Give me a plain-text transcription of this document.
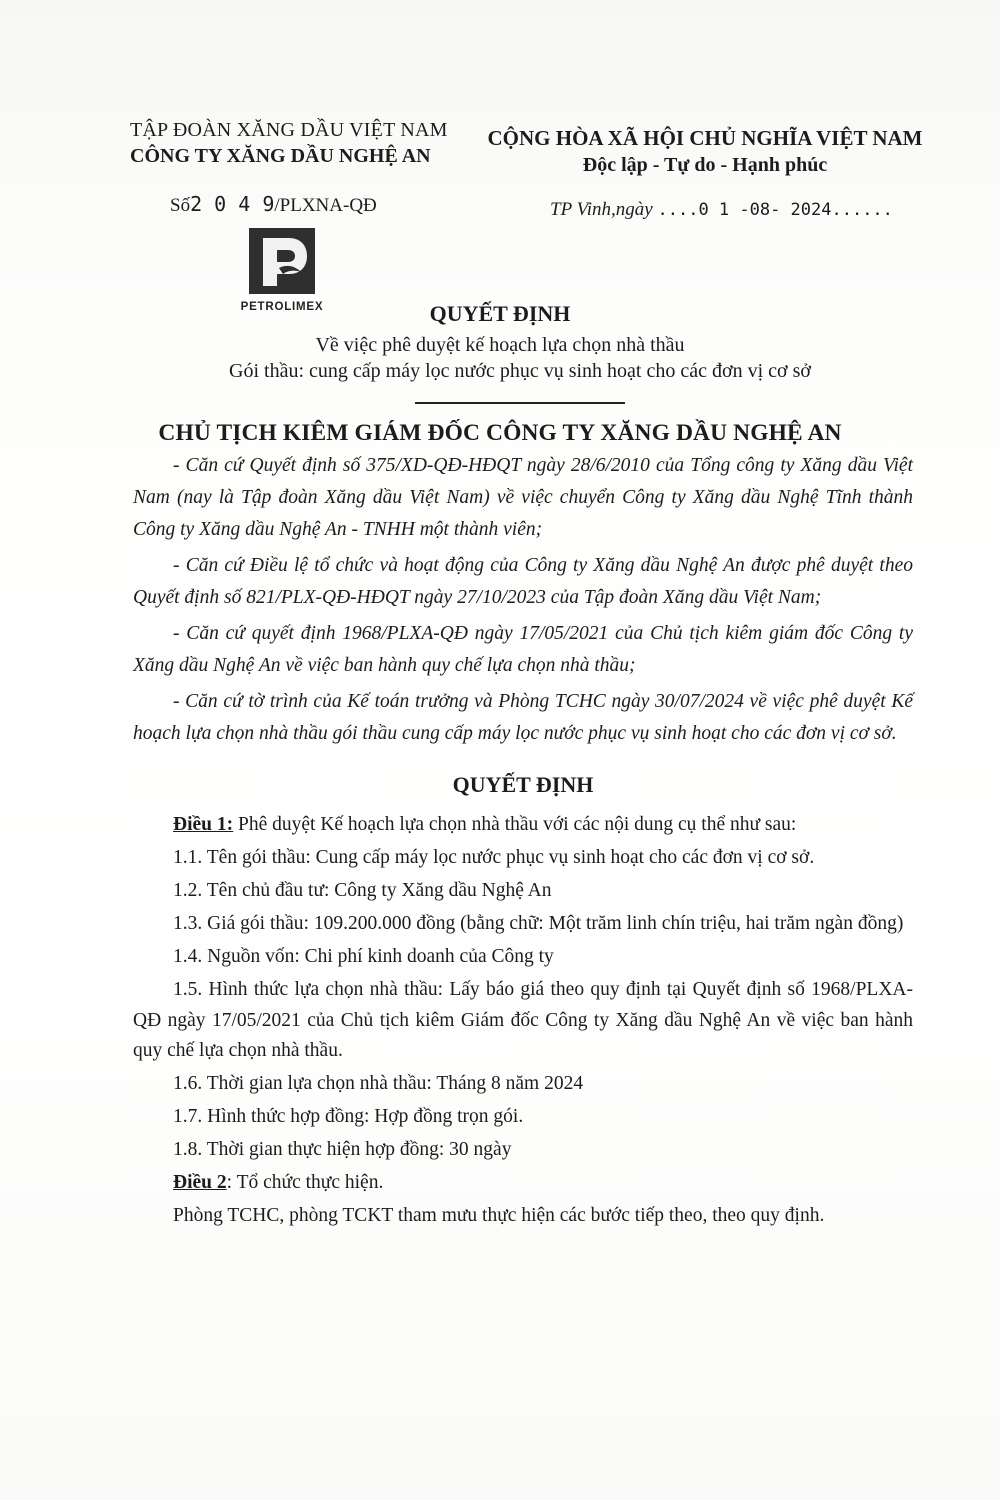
TẬP ĐOÀN XĂNG DẦU VIỆT NAM
CÔNG TY XĂNG DẦU NGHỆ AN
CỘNG HÒA XÃ HỘI CHỦ NGHĨA VIỆT NAM
Độc lập - Tự do - Hạnh phúc
Số2 0 4 9/PLXNA-QĐ	TP Vinh,ngày ....0 1 -08- 2024......
PETROLIMEX	QUYẾT ĐỊNH
Về việc phê duyệt kế hoạch lựa chọn nhà thầu
Gói thầu: cung cấp máy lọc nước phục vụ sinh hoạt cho các đơn vị cơ sở
CHỦ TỊCH KIÊM GIÁM ĐỐC CÔNG TY XĂNG DẦU NGHỆ AN

- Căn cứ Quyết định số 375/XD-QĐ-HĐQT ngày 28/6/2010 của Tổng công ty Xăng dầu Việt Nam (nay là Tập đoàn Xăng dầu Việt Nam) về việc chuyển Công ty Xăng dầu Nghệ Tĩnh thành Công ty Xăng dầu Nghệ An - TNHH một thành viên;

- Căn cứ Điều lệ tổ chức và hoạt động của Công ty Xăng dầu Nghệ An được phê duyệt theo Quyết định số 821/PLX-QĐ-HĐQT ngày 27/10/2023 của Tập đoàn Xăng dầu Việt Nam;

- Căn cứ quyết định 1968/PLXA-QĐ ngày 17/05/2021 của Chủ tịch kiêm giám đốc Công ty Xăng dầu Nghệ An về việc ban hành quy chế lựa chọn nhà thầu;

- Căn cứ tờ trình của Kế toán trưởng và Phòng TCHC ngày 30/07/2024 về việc phê duyệt Kế hoạch lựa chọn nhà thầu gói thầu cung cấp máy lọc nước phục vụ sinh hoạt cho các đơn vị cơ sở.

QUYẾT ĐỊNH

Điều 1: Phê duyệt Kế hoạch lựa chọn nhà thầu với các nội dung cụ thể như sau:

1.1. Tên gói thầu: Cung cấp máy lọc nước phục vụ sinh hoạt cho các đơn vị cơ sở.

1.2. Tên chủ đầu tư: Công ty Xăng dầu Nghệ An

1.3. Giá gói thầu: 109.200.000 đồng (bằng chữ: Một trăm linh chín triệu, hai trăm ngàn đồng)

1.4. Nguồn vốn: Chi phí kinh doanh của Công ty

1.5. Hình thức lựa chọn nhà thầu: Lấy báo giá theo quy định tại Quyết định số 1968/PLXA-QĐ ngày 17/05/2021 của Chủ tịch kiêm Giám đốc Công ty Xăng dầu Nghệ An về việc ban hành quy chế lựa chọn nhà thầu.

1.6. Thời gian lựa chọn nhà thầu: Tháng 8 năm 2024

1.7. Hình thức hợp đồng: Hợp đồng trọn gói.

1.8. Thời gian thực hiện hợp đồng: 30 ngày

Điều 2: Tổ chức thực hiện.

Phòng TCHC, phòng TCKT tham mưu thực hiện các bước tiếp theo, theo quy định.
